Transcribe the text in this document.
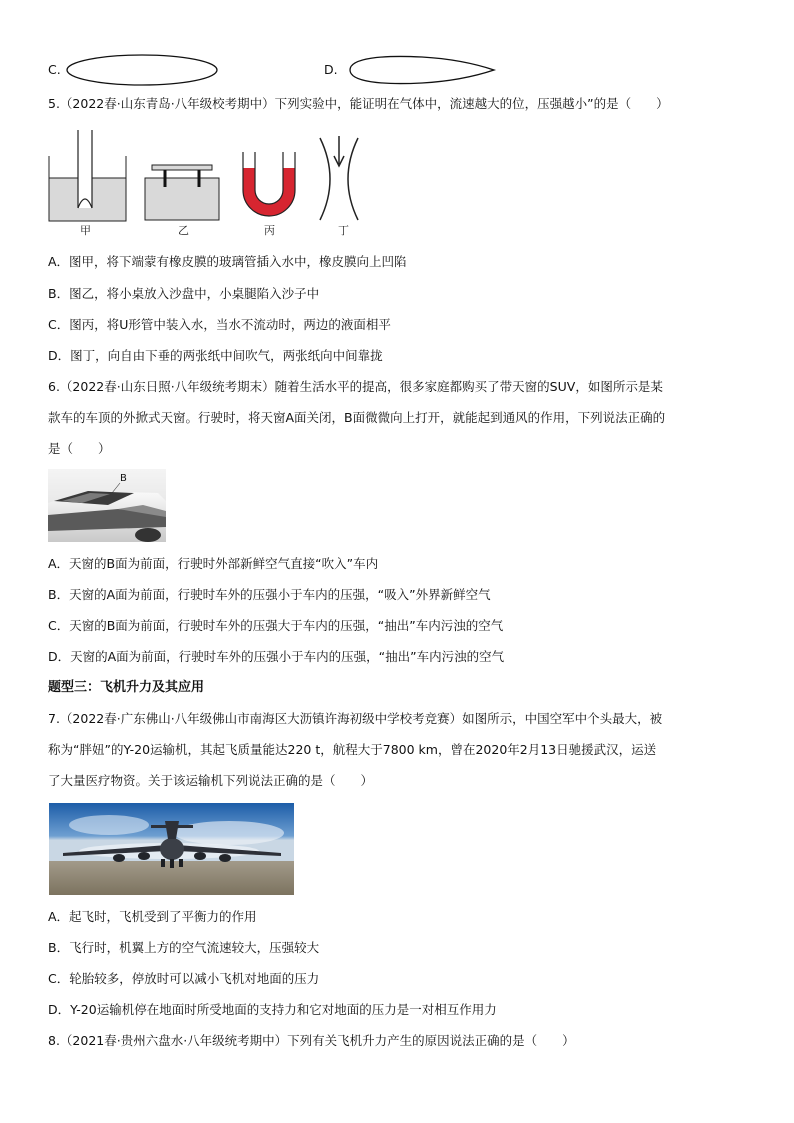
C.	D.
5.（2022春·山东青岛·八年级校考期中）下列实验中，能证明在气体中，流速越大的位，压强越小”的是（　　）
甲	乙	丙	丁
A．图甲，将下端蒙有橡皮膜的玻璃管插入水中，橡皮膜向上凹陷
B．图乙，将小桌放入沙盘中，小桌腿陷入沙子中
C．图丙，将U形管中装入水，当水不流动时，两边的液面相平
D．图丁，向自由下垂的两张纸中间吹气，两张纸向中间靠拢
6.（2022春·山东日照·八年级统考期末）随着生活水平的提高，很多家庭都购买了带天窗的SUV，如图所示是某
款车的车顶的外掀式天窗。行驶时，将天窗A面关闭，B面微微向上打开，就能起到通风的作用，下列说法正确的
是（　　）
B
A．天窗的B面为前面，行驶时外部新鲜空气直接“吹入”车内
B．天窗的A面为前面，行驶时车外的压强小于车内的压强，“吸入”外界新鲜空气
C．天窗的B面为前面，行驶时车外的压强大于车内的压强，“抽出”车内污浊的空气
D．天窗的A面为前面，行驶时车外的压强小于车内的压强，“抽出”车内污浊的空气
题型三：飞机升力及其应用
7.（2022春·广东佛山·八年级佛山市南海区大沥镇许海初级中学校考竞赛）如图所示，中国空军中个头最大，被
称为“胖妞”的Y-20运输机，其起飞质量能达220 t，航程大于7800 km，曾在2020年2月13日驰援武汉，运送
了大量医疗物资。关于该运输机下列说法正确的是（　　）
A．起飞时，飞机受到了平衡力的作用
B．飞行时，机翼上方的空气流速较大，压强较大
C．轮胎较多，停放时可以减小飞机对地面的压力
D．Y-20运输机停在地面时所受地面的支持力和它对地面的压力是一对相互作用力
8.（2021春·贵州六盘水·八年级统考期中）下列有关飞机升力产生的原因说法正确的是（　　）
